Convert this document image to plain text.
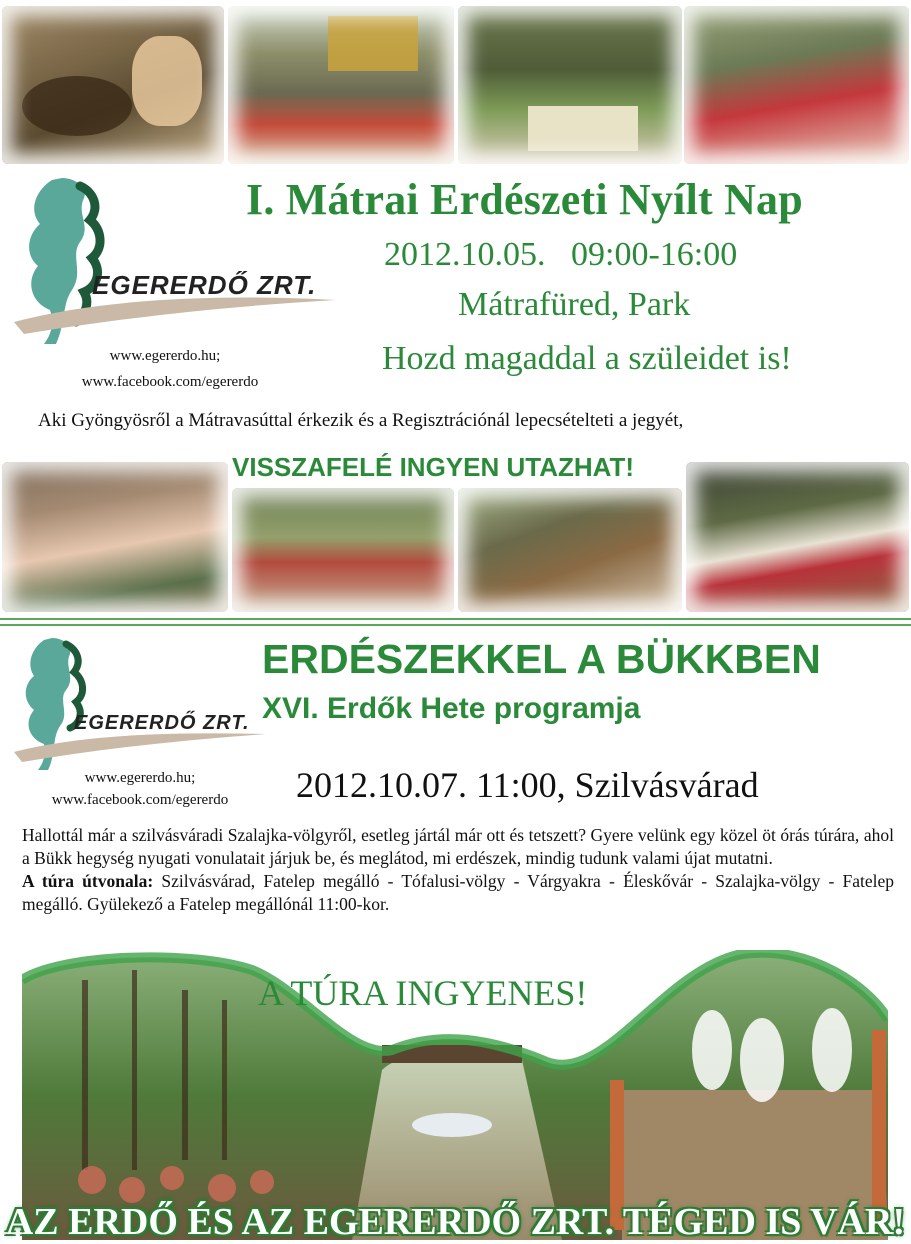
EGERERDŐ ZRT.
www.egererdo.hu;
www.facebook.com/egererdo
I. Mátrai Erdészeti Nyílt Nap
2012.10.05.   09:00-16:00
Mátrafüred, Park
Hozd magaddal a szüleidet is!
Aki Gyöngyösről a Mátravasúttal érkezik és a Regisztrációnál lepecsételteti a jegyét,
VISSZAFELÉ INGYEN UTAZHAT!
EGERERDŐ ZRT.
www.egererdo.hu;
www.facebook.com/egererdo
ERDÉSZEKKEL A BÜKKBEN
XVI. Erdők Hete programja
2012.10.07. 11:00, Szilvásvárad
Hallottál már a szilvásváradi Szalajka-völgyről, esetleg jártál már ott és tetszett? Gyere velünk egy közel öt órás túrára, ahol a Bükk hegység nyugati vonulatait járjuk be, és meglátod, mi erdészek, mindig tudunk valami újat mutatni.
A túra útvonala: Szilvásvárad, Fatelep megálló - Tófalusi-völgy - Várgyakra - Éleskővár - Szalajka-völgy - Fatelep megálló. Gyülekező a Fatelep megállónál 11:00-kor.
A TÚRA INGYENES!
AZ ERDŐ ÉS AZ EGERERDŐ ZRT. TÉGED IS VÁR!
